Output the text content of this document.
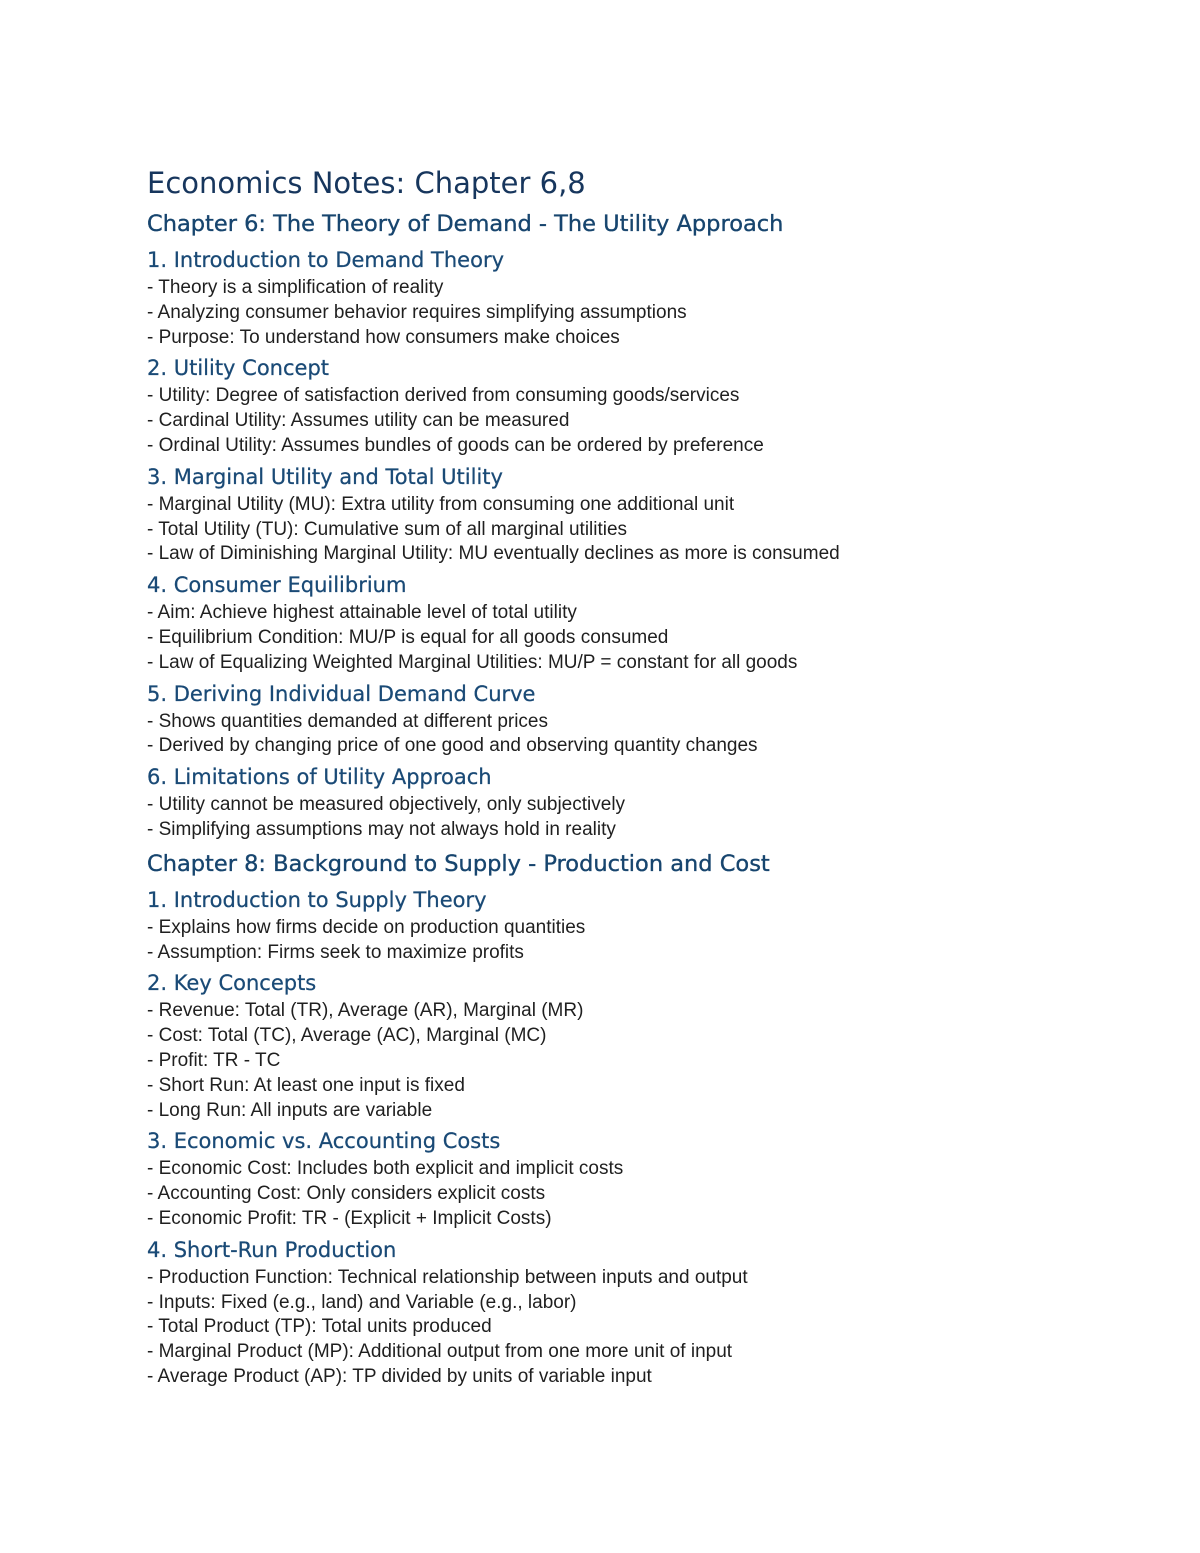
Economics Notes: Chapter 6,8
Chapter 6: The Theory of Demand - The Utility Approach
1. Introduction to Demand Theory
- Theory is a simplification of reality
- Analyzing consumer behavior requires simplifying assumptions
- Purpose: To understand how consumers make choices
2. Utility Concept
- Utility: Degree of satisfaction derived from consuming goods/services
- Cardinal Utility: Assumes utility can be measured
- Ordinal Utility: Assumes bundles of goods can be ordered by preference
3. Marginal Utility and Total Utility
- Marginal Utility (MU): Extra utility from consuming one additional unit
- Total Utility (TU): Cumulative sum of all marginal utilities
- Law of Diminishing Marginal Utility: MU eventually declines as more is consumed
4. Consumer Equilibrium
- Aim: Achieve highest attainable level of total utility
- Equilibrium Condition: MU/P is equal for all goods consumed
- Law of Equalizing Weighted Marginal Utilities: MU/P = constant for all goods
5. Deriving Individual Demand Curve
- Shows quantities demanded at different prices
- Derived by changing price of one good and observing quantity changes
6. Limitations of Utility Approach
- Utility cannot be measured objectively, only subjectively
- Simplifying assumptions may not always hold in reality
Chapter 8: Background to Supply - Production and Cost
1. Introduction to Supply Theory
- Explains how firms decide on production quantities
- Assumption: Firms seek to maximize profits
2. Key Concepts
- Revenue: Total (TR), Average (AR), Marginal (MR)
- Cost: Total (TC), Average (AC), Marginal (MC)
- Profit: TR - TC
- Short Run: At least one input is fixed
- Long Run: All inputs are variable
3. Economic vs. Accounting Costs
- Economic Cost: Includes both explicit and implicit costs
- Accounting Cost: Only considers explicit costs
- Economic Profit: TR - (Explicit + Implicit Costs)
4. Short-Run Production
- Production Function: Technical relationship between inputs and output
- Inputs: Fixed (e.g., land) and Variable (e.g., labor)
- Total Product (TP): Total units produced
- Marginal Product (MP): Additional output from one more unit of input
- Average Product (AP): TP divided by units of variable input
